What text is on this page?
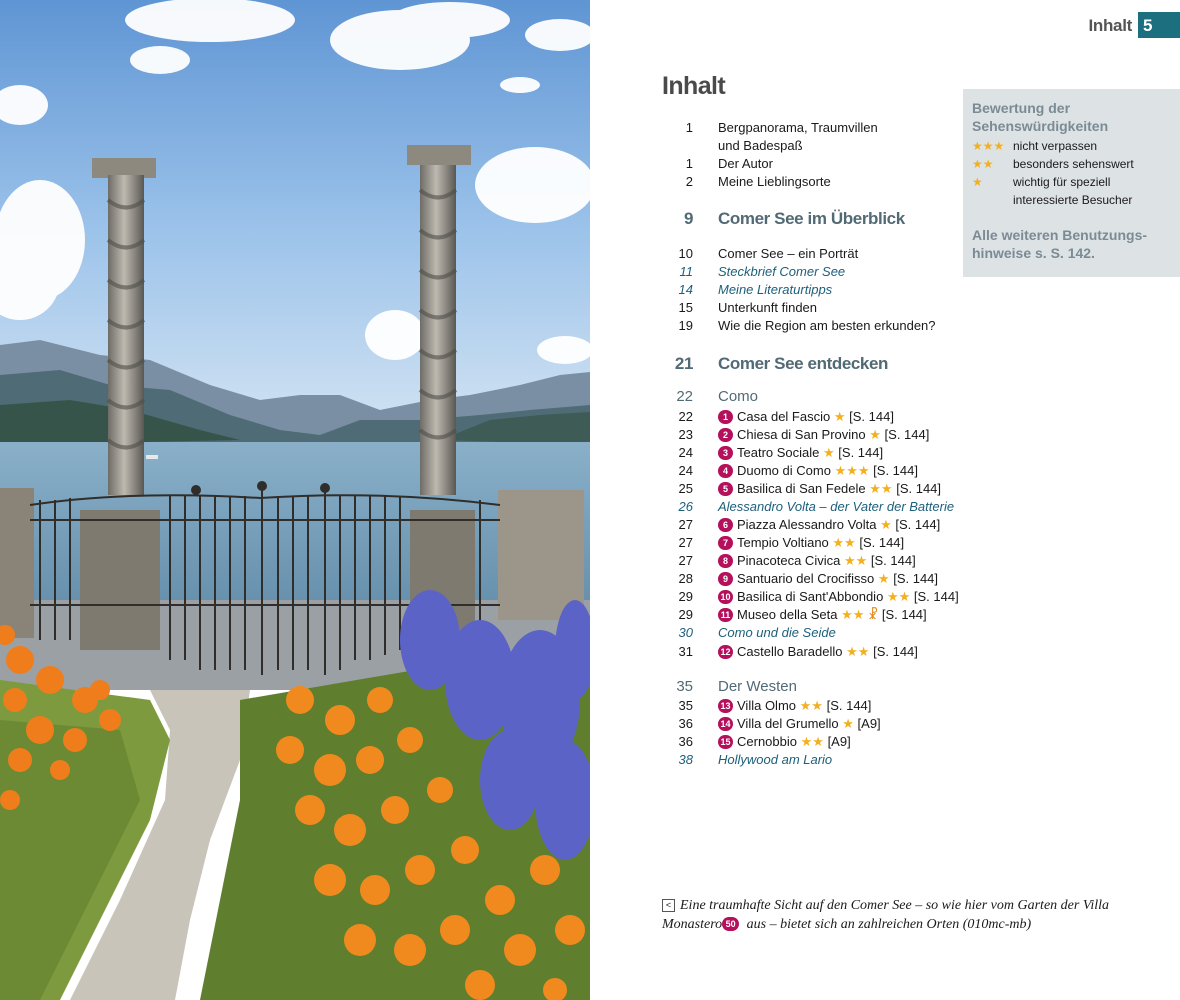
Inhalt 5
Inhalt
1 Bergpanorama, Traumvillen
und Badespaß
1 Der Autor
2 Meine Lieblingsorte
9 Comer See im Überblick
10 Comer See – ein Porträt
11 Steckbrief Comer See
14 Meine Literaturtipps
15 Unterkunft finden
19 Wie die Region am besten erkunden?
21 Comer See entdecken
22 Como
22	1 Casa del Fascio ★ [S. 144]
23	2 Chiesa di San Provino ★ [S. 144]
24	3 Teatro Sociale ★ [S. 144]
24	4 Duomo di Como ★★★ [S. 144]
25	5 Basilica di San Fedele ★★ [S. 144]
26 Alessandro Volta – der Vater der Batterie
27	6 Piazza Alessandro Volta ★ [S. 144]
27	7 Tempio Voltiano ★★ [S. 144]
27	8 Pinacoteca Civica ★★ [S. 144]
28	9 Santuario del Crocifisso ★ [S. 144]
29	10 Basilica di Sant'Abbondio ★★ [S. 144]
29	11 Museo della Seta ★★ ☧ [S. 144]
30 Como und die Seide
31	12 Castello Baradello ★★ [S. 144]
35 Der Westen
35	13 Villa Olmo ★★ [S. 144]
36	14 Villa del Grumello ★ [A9]
36	15 Cernobbio ★★ [A9]
38 Hollywood am Lario
Bewertung der Sehenswürdigkeiten
★★★ nicht verpassen
★★ besonders sehenswert
★	wichtig für speziell
interessierte Besucher
Alle weiteren Benutzungs- hinweise s. S. 142.
< Eine traumhafte Sicht auf den Comer See – so wie hier vom Garten der Villa Monastero 50 aus – bietet sich an zahlreichen Orten (010mc-mb)
